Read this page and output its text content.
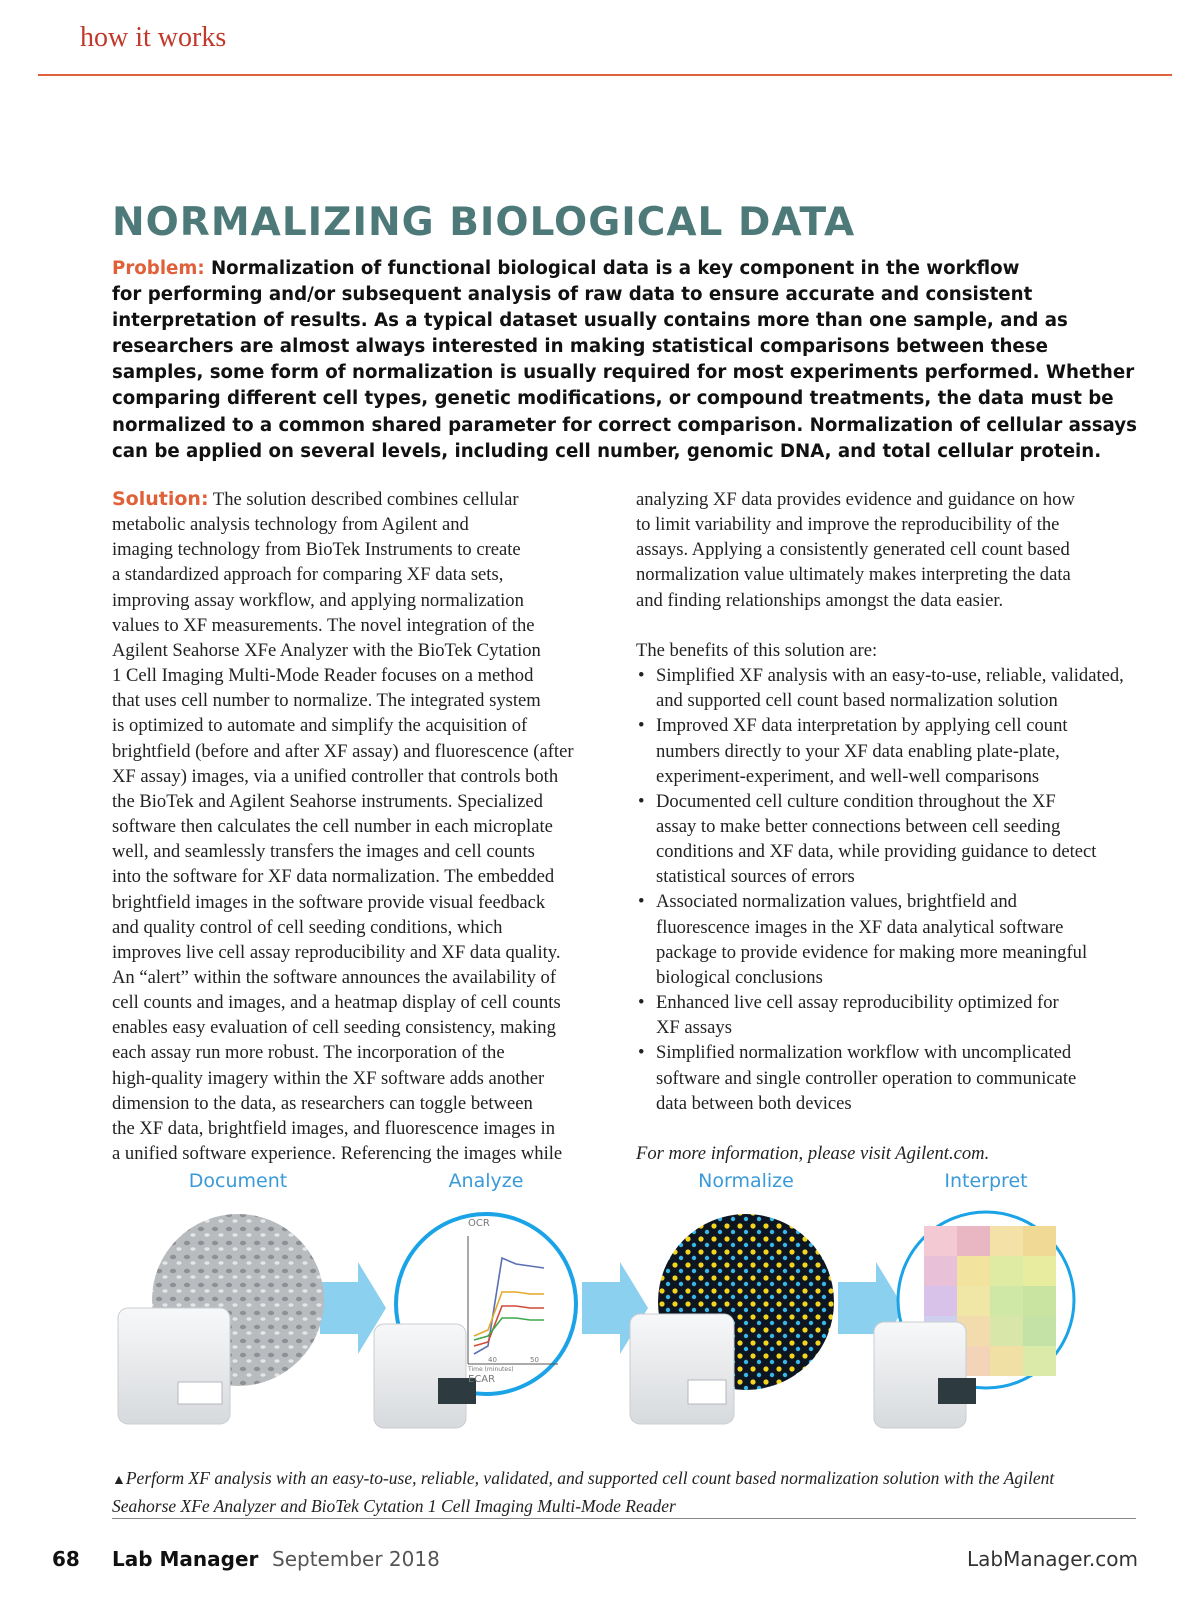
how it works
NORMALIZING BIOLOGICAL DATA
Problem: Normalization of functional biological data is a key component in the workflow
for performing and/or subsequent analysis of raw data to ensure accurate and consistent
interpretation of results. As a typical dataset usually contains more than one sample, and as
researchers are almost always interested in making statistical comparisons between these
samples, some form of normalization is usually required for most experiments performed. Whether
comparing different cell types, genetic modifications, or compound treatments, the data must be
normalized to a common shared parameter for correct comparison. Normalization of cellular assays
can be applied on several levels, including cell number, genomic DNA, and total cellular protein.
Solution: The solution described combines cellular
metabolic analysis technology from Agilent and
imaging technology from BioTek Instruments to create
a standardized approach for comparing XF data sets,
improving assay workflow, and applying normalization
values to XF measurements. The novel integration of the
Agilent Seahorse XFe Analyzer with the BioTek Cytation
1 Cell Imaging Multi-Mode Reader focuses on a method
that uses cell number to normalize. The integrated system
is optimized to automate and simplify the acquisition of
brightfield (before and after XF assay) and fluorescence (after
XF assay) images, via a unified controller that controls both
the BioTek and Agilent Seahorse instruments. Specialized
software then calculates the cell number in each microplate
well, and seamlessly transfers the images and cell counts
into the software for XF data normalization. The embedded
brightfield images in the software provide visual feedback
and quality control of cell seeding conditions, which
improves live cell assay reproducibility and XF data quality.
An “alert” within the software announces the availability of
cell counts and images, and a heatmap display of cell counts
enables easy evaluation of cell seeding consistency, making
each assay run more robust. The incorporation of the
high-quality imagery within the XF software adds another
dimension to the data, as researchers can toggle between
the XF data, brightfield images, and fluorescence images in
a unified software experience. Referencing the images while
analyzing XF data provides evidence and guidance on how
to limit variability and improve the reproducibility of the
assays. Applying a consistently generated cell count based
normalization value ultimately makes interpreting the data
and finding relationships amongst the data easier.
The benefits of this solution are:
• Simplified XF analysis with an easy-to-use, reliable, validated,
and supported cell count based normalization solution
• Improved XF data interpretation by applying cell count
numbers directly to your XF data enabling plate-plate,
experiment-experiment, and well-well comparisons
• Documented cell culture condition throughout the XF
assay to make better connections between cell seeding
conditions and XF data, while providing guidance to detect
statistical sources of errors
• Associated normalization values, brightfield and
fluorescence images in the XF data analytical software
package to provide evidence for making more meaningful
biological conclusions
• Enhanced live cell assay reproducibility optimized for
XF assays
• Simplified normalization workflow with uncomplicated
software and single controller operation to communicate
data between both devices
For more information, please visit Agilent.com.
Document	Analyze	Normalize	Interpret
OCR
ECAR
Time (minutes)
40	50
▲Perform XF analysis with an easy-to-use, reliable, validated, and supported cell count based normalization solution with the Agilent
Seahorse XFe Analyzer and BioTek Cytation 1 Cell Imaging Multi-Mode Reader
68 Lab Manager September 2018	LabManager.com
